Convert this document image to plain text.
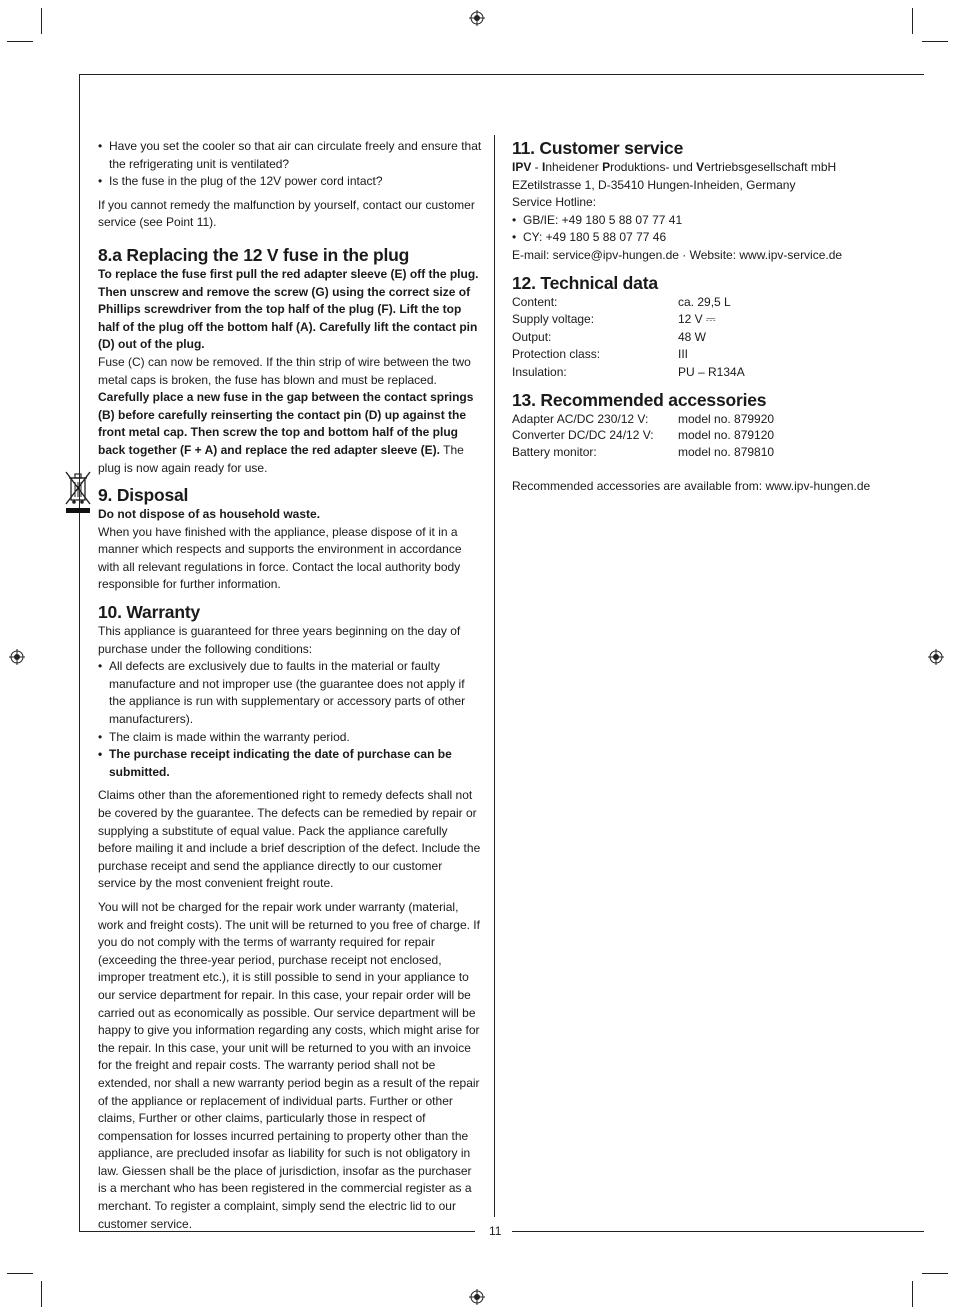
11
• Have you set the cooler so that air can circulate freely and ensure that the refrigerating unit is ventilated?
• Is the fuse in the plug of the 12V power cord intact?

If you cannot remedy the malfunction by yourself, contact our customer service (see Point 11).

8.a Replacing the 12 V fuse in the plug

To replace the fuse first pull the red adapter sleeve (E) off the plug. Then unscrew and remove the screw (G) using the correct size of Phillips screwdriver from the top half of the plug (F). Lift the top half of the plug off the bottom half (A). Carefully lift the contact pin (D) out of the plug.

Fuse (C) can now be removed. If the thin strip of wire between the two metal caps is broken, the fuse has blown and must be replaced.

Carefully place a new fuse in the gap between the contact springs (B) before carefully reinserting the contact pin (D) up against the front metal cap. Then screw the top and bottom half of the plug back together (F + A) and replace the red adapter sleeve (E). The plug is now again ready for use.

9. Disposal

Do not dispose of as household waste.

When you have finished with the appliance, please dispose of it in a manner which respects and supports the environment in accordance with all relevant regulations in force. Contact the local authority body responsible for further information.

10. Warranty

This appliance is guaranteed for three years beginning on the day of purchase under the following conditions:

• All defects are exclusively due to faults in the material or faulty manufacture and not improper use (the guarantee does not apply if the appliance is run with supplementary or accessory parts of other manufacturers).
• The claim is made within the warranty period.
• The purchase receipt indicating the date of purchase can be submitted.

Claims other than the aforementioned right to remedy defects shall not be covered by the guarantee. The defects can be remedied by repair or supplying a substitute of equal value. Pack the appliance carefully before mailing it and include a brief description of the defect. Include the purchase receipt and send the appliance directly to our customer service by the most convenient freight route.

You will not be charged for the repair work under warranty (material, work and freight costs). The unit will be returned to you free of charge. If you do not comply with the terms of warranty required for repair (exceeding the three-year period, purchase receipt not enclosed, improper treatment etc.), it is still possible to send in your appliance to our service department for repair. In this case, your repair order will be carried out as economically as possible. Our service department will be happy to give you information regarding any costs, which might arise for the repair. In this case, your unit will be returned to you with an invoice for the freight and repair costs. The warranty period shall not be extended, nor shall a new warranty period begin as a result of the repair of the appliance or replacement of individual parts. Further or other claims, Further or other claims, particularly those in respect of compensation for losses incurred pertaining to property other than the appliance, are precluded insofar as liability for such is not obligatory in law. Giessen shall be the place of jurisdiction, insofar as the purchaser is a merchant who has been registered in the commercial register as a merchant. To register a complaint, simply send the electric lid to our customer service.

11. Customer service

IPV - Inheidener Produktions- und Vertriebsgesellschaft mbH

EZetilstrasse 1, D-35410 Hungen-Inheiden, Germany

Service Hotline:

• GB/IE: +49 180 5 88 07 77 41
• CY: +49 180 5 88 07 77 46

E-mail: service@ipv-hungen.de · Website: www.ipv-service.de

12. Technical data
Content:	ca. 29,5 L
Supply voltage:	12 V ⎓
Output:	48 W
Protection class:	III
Insulation:	PU – R134A
13. Recommended accessories
Adapter AC/DC 230/12 V:	model no. 879920
Converter DC/DC 24/12 V:	model no. 879120
Battery monitor:	model no. 879810

Recommended accessories are available from: www.ipv-hungen.de
